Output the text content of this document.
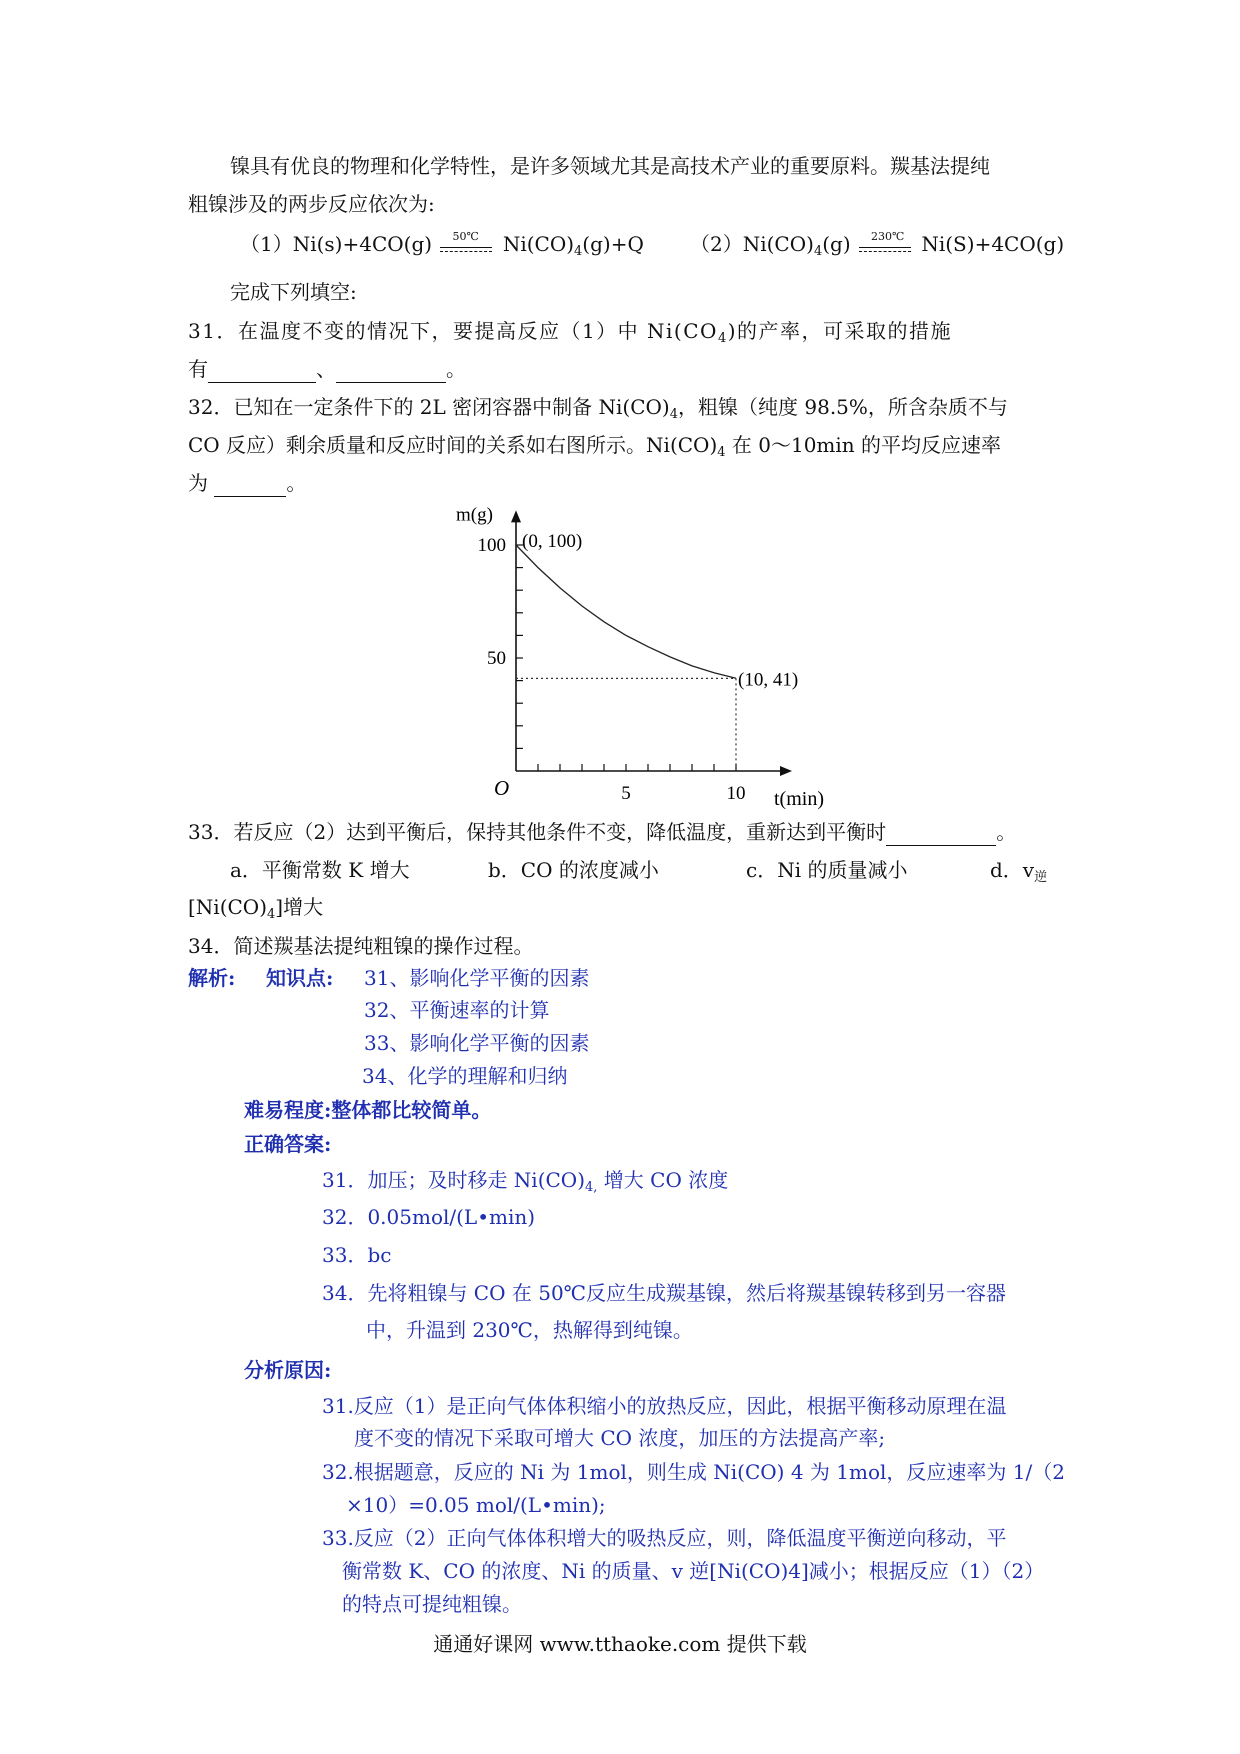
镍具有优良的物理和化学特性，是许多领域尤其是高技术产业的重要原料。羰基法提纯
粗镍涉及的两步反应依次为:
（1）Ni(s)+4CO(g) 50℃ $Ni(CO)_4(g)+Q$ $(2)Ni(CO)_4(g)$ 230℃ Ni(S)+4CO(g)
完成下列填空:
31．在温度不变的情况下，要提高反应（1）中 $Ni(CO_4)$的产率，可采取的措施
有	、	。
32．已知在一定条件下的 2L 密闭容器中制备 $Ni(CO)_4$，粗镍（纯度 98.5%，所含杂质不与
CO 反应）剩余质量和反应时间的关系如右图所示。$Ni(CO)_4$ 在 0～10min 的平均反应速率
为	。
5	10
100
50
O
m(g)
t(min)
(0, 100)
(10, 41)
33．若反应（2）达到平衡后，保持其他条件不变，降低温度，重新达到平衡时	。
a．平衡常数 K 增大	b．CO 的浓度减小	c．Ni 的质量减小	d．$v_逆$
$[Ni(CO)_4]$增大
34．简述羰基法提纯粗镍的操作过程。
解析: 知识点: 31、影响化学平衡的因素
32、平衡速率的计算
33、影响化学平衡的因素
34、化学的理解和归纳
难易程度:整体都比较简单。
正确答案:
31．加压；及时移走 $Ni(CO)_{4,}$ 增大 CO 浓度
32．0.05mol/(L•min)
33．bc
34．先将粗镍与 CO 在 50℃反应生成羰基镍，然后将羰基镍转移到另一容器
中，升温到 230℃，热解得到纯镍。
分析原因:
31.反应（1）是正向气体体积缩小的放热反应，因此，根据平衡移动原理在温
度不变的情况下采取可增大 CO 浓度，加压的方法提高产率;
32.根据题意，反应的 Ni 为 1mol，则生成 Ni(CO) 4 为 1mol，反应速率为 1/（2
×10）=0.05 mol/(L•min);
33.反应（2）正向气体体积增大的吸热反应，则，降低温度平衡逆向移动，平
衡常数 K、CO 的浓度、Ni 的质量、v 逆[Ni(CO)4]减小；根据反应（1）（2）
的特点可提纯粗镍。
通通好课网 www.tthaoke.com 提供下载
